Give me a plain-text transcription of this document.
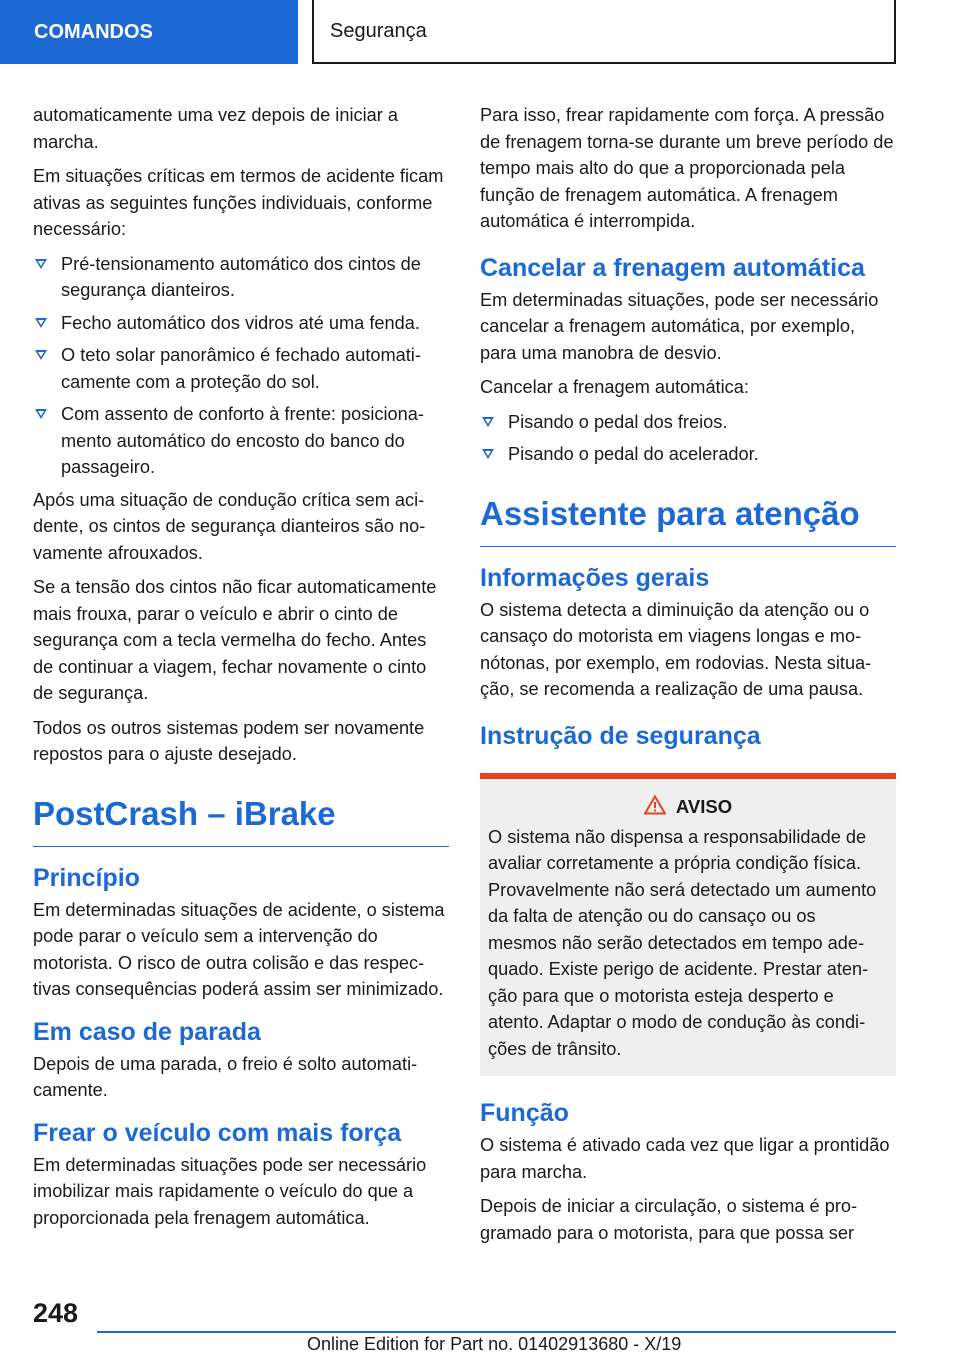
COMANDOS	Segurança

automaticamente uma vez depois de iniciar a marcha.

Em situações críticas em termos de acidente ficam ativas as seguintes funções individuais, conforme necessário:

Pré-tensionamento automático dos cintos de segurança dianteiros.
Fecho automático dos vidros até uma fenda.
O teto solar panorâmico é fechado automaticamente com a proteção do sol.
Com assento de conforto à frente: posicionamento automático do encosto do banco do passageiro.

Após uma situação de condução crítica sem acidente, os cintos de segurança dianteiros são novamente afrouxados.

Se a tensão dos cintos não ficar automaticamente mais frouxa, parar o veículo e abrir o cinto de segurança com a tecla vermelha do fecho. Antes de continuar a viagem, fechar novamente o cinto de segurança.

Todos os outros sistemas podem ser novamente repostos para o ajuste desejado.

PostCrash – iBrake
Princípio

Em determinadas situações de acidente, o sistema pode parar o veículo sem a intervenção do motorista. O risco de outra colisão e das respectivas consequências poderá assim ser minimizado.

Em caso de parada

Depois de uma parada, o freio é solto automaticamente.

Frear o veículo com mais força

Em determinadas situações pode ser necessário imobilizar mais rapidamente o veículo do que a proporcionada pela frenagem automática.

Para isso, frear rapidamente com força. A pressão de frenagem torna-se durante um breve período de tempo mais alto do que a proporcionada pela função de frenagem automática. A frenagem automática é interrompida.

Cancelar a frenagem automática

Em determinadas situações, pode ser necessário cancelar a frenagem automática, por exemplo, para uma manobra de desvio.

Cancelar a frenagem automática:

Pisando o pedal dos freios.
Pisando o pedal do acelerador.
Assistente para atenção
Informações gerais

O sistema detecta a diminuição da atenção ou o cansaço do motorista em viagens longas e monótonas, por exemplo, em rodovias. Nesta situação, se recomenda a realização de uma pausa.

Instrução de segurança
AVISO

O sistema não dispensa a responsabilidade de avaliar corretamente a própria condição física. Provavelmente não será detectado um aumento da falta de atenção ou do cansaço ou os mesmos não serão detectados em tempo adequado. Existe perigo de acidente. Prestar atenção para que o motorista esteja desperto e atento. Adaptar o modo de condução às condições de trânsito.

Função

O sistema é ativado cada vez que ligar a prontidão para marcha.

Depois de iniciar a circulação, o sistema é programado para o motorista, para que possa ser

248
Online Edition for Part no. 01402913680 - X/19
